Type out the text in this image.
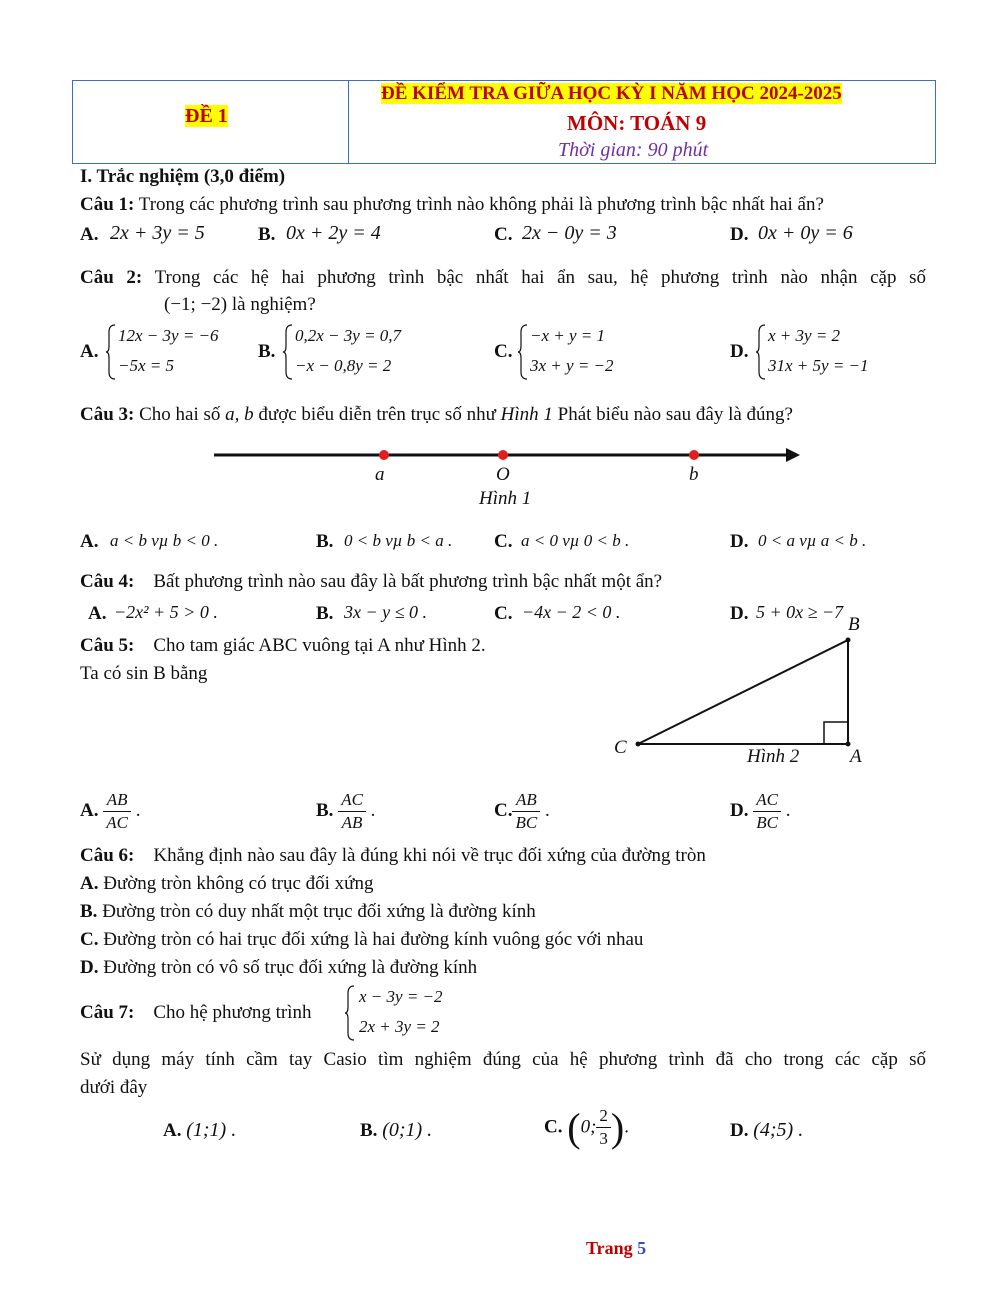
ĐỀ 1
ĐỀ KIỂM TRA GIỮA HỌC KỲ I NĂM HỌC 2024-2025
MÔN: TOÁN 9
Thời gian: 90 phút
I. Trắc nghiệm (3,0 điểm)
Câu 1: Trong các phương trình sau phương trình nào không phải là phương trình bậc nhất hai ẩn?
A. 2x + 3y = 5	B. 0x + 2y = 4	C. 2x − 0y = 3	D. 0x + 0y = 6
Câu 2: Trong các hệ hai phương trình bậc nhất hai ẩn sau, hệ phương trình nào nhận cặp số
(−1; −2) là nghiệm?
A.
12x − 3y = −6
−5x = 5
B.
0,2x − 3y = 0,7
−x − 0,8y = 2
C.
−x + y = 1
3x + y = −2
D.
x + 3y = 2
31x + 5y = −1
Câu 3: Cho hai số a, b được biểu diễn trên trục số như Hình 1 Phát biểu nào sau đây là đúng?
a	O	b
Hình 1
A. a < b vµ b < 0 .	B. 0 < b vµ b < a . C. a < 0 vµ 0 < b .	D. 0 < a vµ a < b .
Câu 4: Bất phương trình nào sau đây là bất phương trình bậc nhất một ẩn?
A. −2x² + 5 > 0 .	B. 3x − y ≤ 0 .	C. −4x − 2 < 0 .	D. 5 + 0x ≥ −7
Câu 5: Cho tam giác ABC vuông tại A như Hình 2.
Ta có sin B bằng
B
C	A
Hình 2
A. $\frac{AB}{AC}$ .	B. $\frac{AC}{AB}$ .	C. $\frac{AB}{BC}$ .	D. $\frac{AC}{BC}$ .
Câu 6: Khẳng định nào sau đây là đúng khi nói về trục đối xứng của đường tròn
A. Đường tròn không có trục đối xứng
B. Đường tròn có duy nhất một trục đối xứng là đường kính
C. Đường tròn có hai trục đối xứng là hai đường kính vuông góc với nhau
D. Đường tròn có vô số trục đối xứng là đường kính
Câu 7: Cho hệ phương trình
x − 3y = −2
2x + 3y = 2
Sử dụng máy tính cầm tay Casio tìm nghiệm đúng của hệ phương trình đã cho trong các cặp số
dưới đây
A. (1;1) .	B. (0;1) .	C. (0; $\frac{2}{3}$ ).	D. (4;5) .
Trang 5
